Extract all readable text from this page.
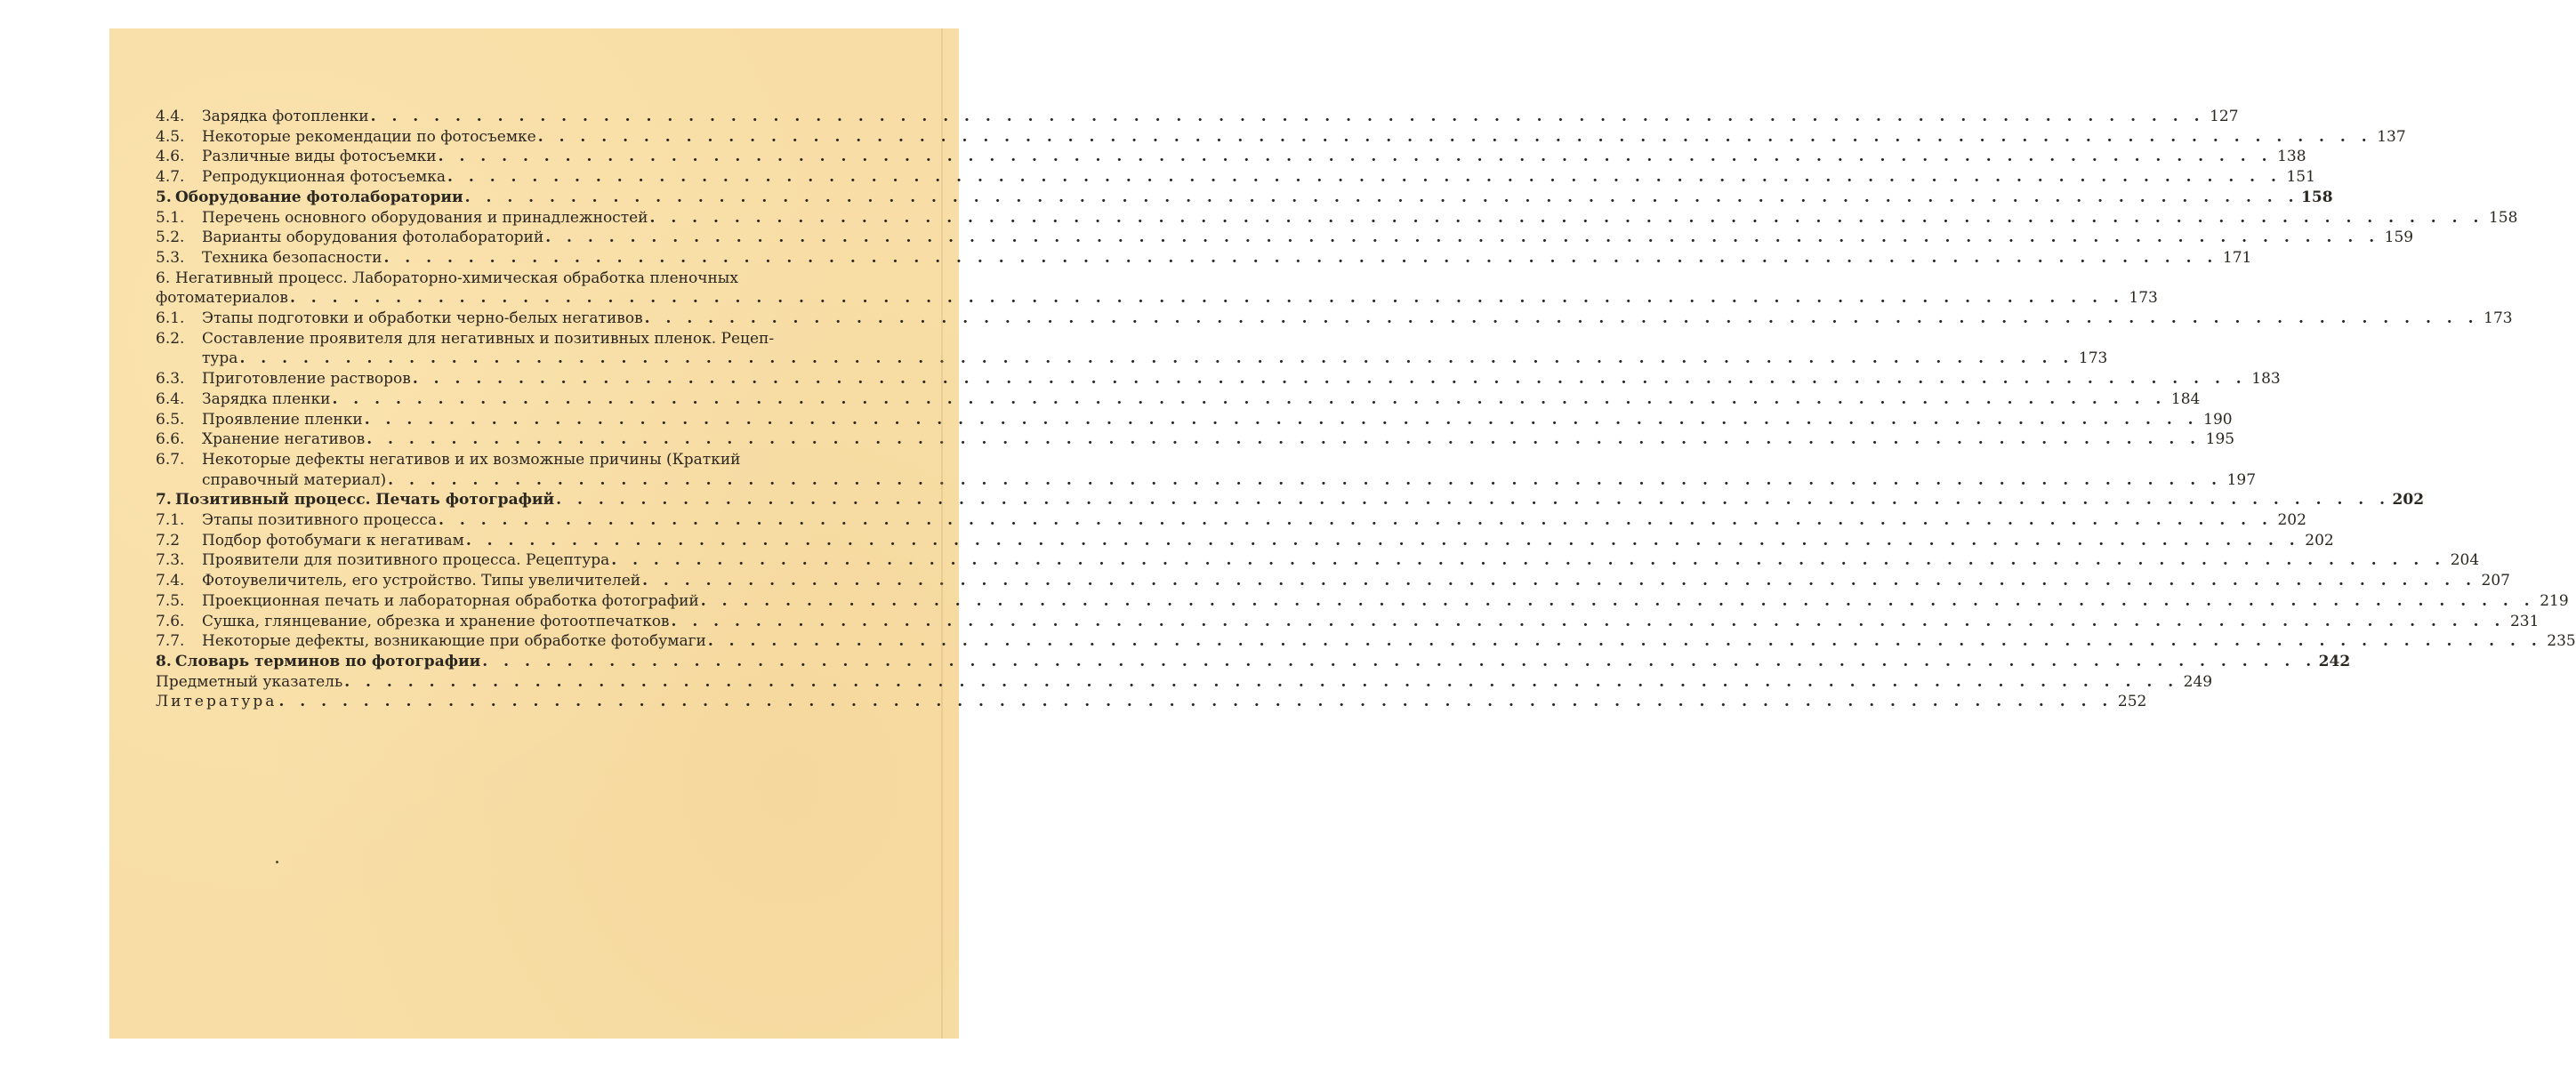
4.4.	Зарядка фотопленки . . .	127
4.5.	Некоторые рекомендации по фотосъемке . . .	137
4.6.	Различные виды фотосъемки . . .	138
4.7.	Репродукционная фотосъемка . . .	151
5. Оборудование фотолаборатории . . .	158
5.1.	Перечень основного оборудования и принадлежностей . . .	158
5.2.	Варианты оборудования фотолабораторий . . .	159
5.3.	Техника безопасности . . .	171
6. Негативный процесс. Лабораторно-химическая обработка пленочных
фотоматериалов . . .	173
6.1.	Этапы подготовки и обработки черно-белых негативов . . .	173
6.2.	Составление проявителя для негативных и позитивных пленок. Рецеп-
тура . . .	173
6.3.	Приготовление растворов . . .	183
6.4.	Зарядка пленки . . .	184
6.5.	Проявление пленки . . .	190
6.6.	Хранение негативов . . .	195
6.7.	Некоторые дефекты негативов и их возможные причины (Краткий
справочный материал) . . .	197
7. Позитивный процесс. Печать фотографий . . .	202
7.1.	Этапы позитивного процесса . . .	202
7.2	Подбор фотобумаги к негативам . . .	202
7.3.	Проявители для позитивного процесса. Рецептура . . .	204
7.4.	Фотоувеличитель, его устройство. Типы увеличителей . . .	207
7.5.	Проекционная печать и лабораторная обработка фотографий . . .	219
7.6.	Сушка, глянцевание, обрезка и хранение фотоотпечатков . . .	231
7.7.	Некоторые дефекты, возникающие при обработке фотобумаги . . .	235
8. Словарь терминов по фотографии . . .	242
Предметный указатель . . .	249
Литература . . .	252
